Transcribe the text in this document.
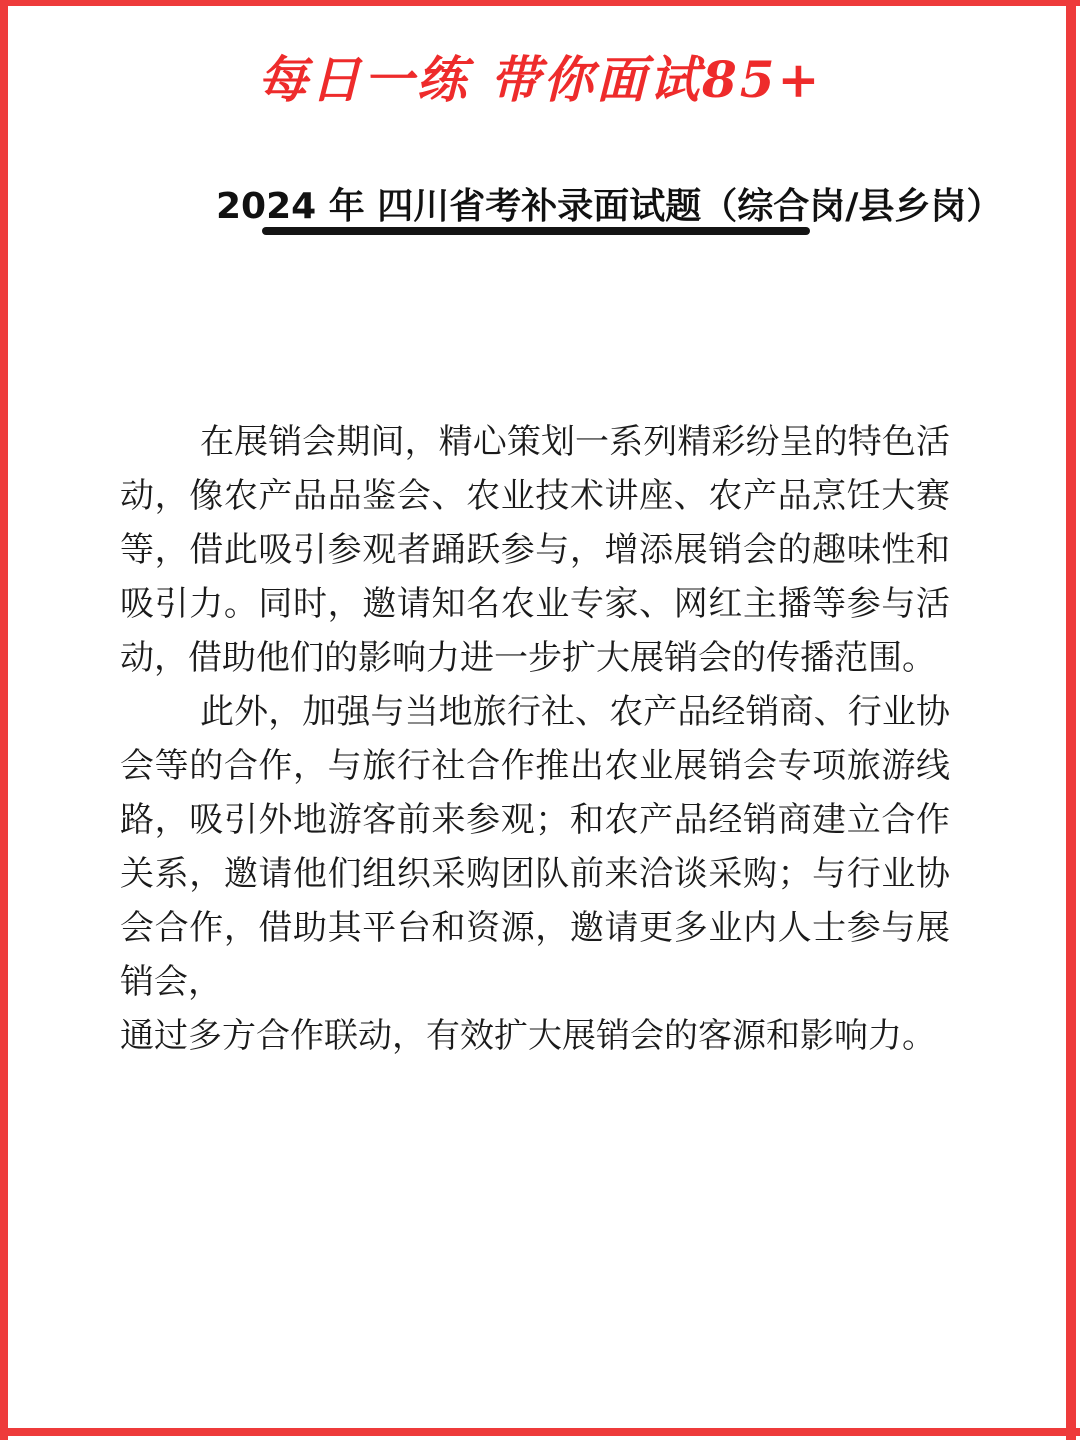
每日一练 带你面试85+
2024 年 四川省考补录面试题（综合岗/县乡岗）

在展销会期间，精心策划一系列精彩纷呈的特色活动，像农产品品鉴会、农业技术讲座、农产品烹饪大赛等，借此吸引参观者踊跃参与，增添展销会的趣味性和吸引力。同时，邀请知名农业专家、网红主播等参与活动，借助他们的影响力进一步扩大展销会的传播范围。

此外，加强与当地旅行社、农产品经销商、行业协会等的合作，与旅行社合作推出农业展销会专项旅游线路，吸引外地游客前来参观；和农产品经销商建立合作关系，邀请他们组织采购团队前来洽谈采购；与行业协会合作，借助其平台和资源，邀请更多业内人士参与展销会，

通过多方合作联动，有效扩大展销会的客源和影响力。
